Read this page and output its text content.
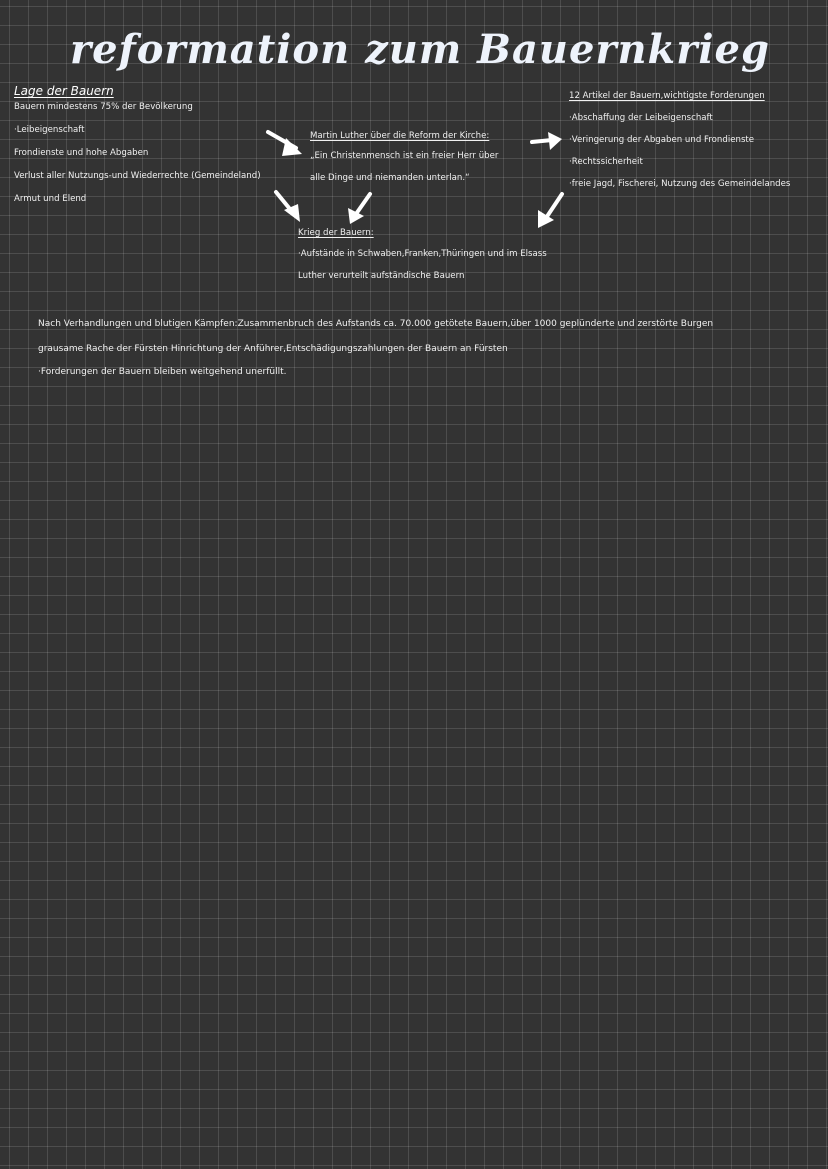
reformation zum Bauernkrieg
Lage der Bauern
Bauern mindestens 75% der Bevölkerung
·Leibeigenschaft
Frondienste und hohe Abgaben
Verlust aller Nutzungs-und Wiederrechte (Gemeindeland)
Armut und Elend
Martin Luther über die Reform der Kirche:
„Ein Christenmensch ist ein freier Herr über
alle Dinge und niemanden unterlan.“
12 Artikel der Bauern,wichtigste Forderungen
·Abschaffung der Leibeigenschaft
·Veringerung der Abgaben und Frondienste
·Rechtssicherheit
·freie Jagd, Fischerei, Nutzung des Gemeindelandes
Krieg der Bauern:
·Aufstände in Schwaben,Franken,Thüringen und im Elsass
Luther verurteilt aufständische Bauern
Nach Verhandlungen und blutigen Kämpfen:Zusammenbruch des Aufstands ca. 70.000 getötete Bauern,über 1000 geplünderte und zerstörte Burgen
grausame Rache der Fürsten Hinrichtung der Anführer,Entschädigungszahlungen der Bauern an Fürsten
·Forderungen der Bauern bleiben weitgehend unerfüllt.
